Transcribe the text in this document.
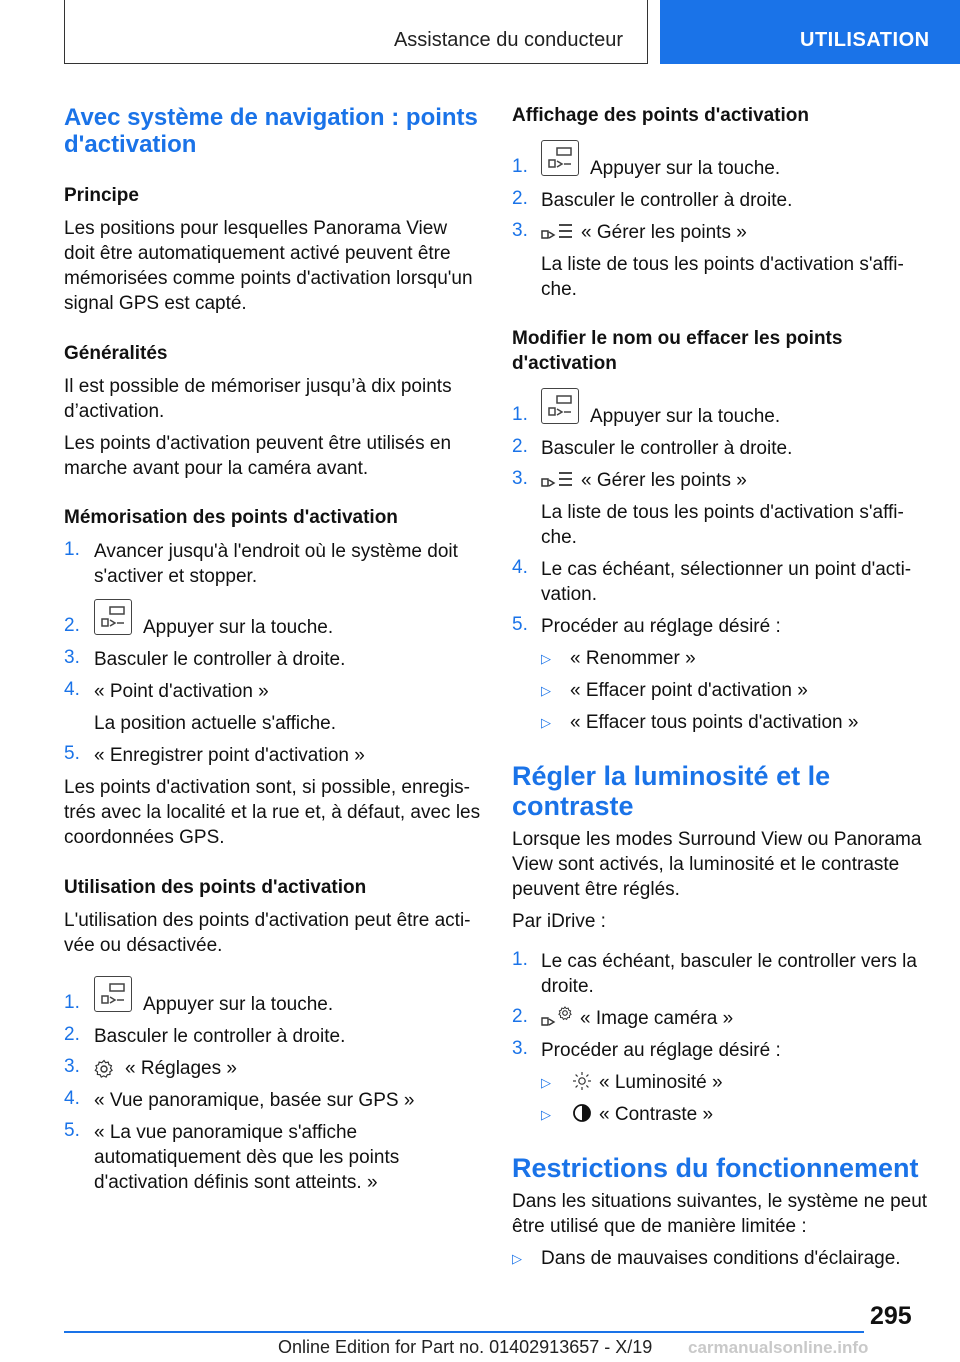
Assistance du conducteur	UTILISATION
Avec système de navigation : points
d'activation
Principe
Les positions pour lesquelles Panorama View
doit être automatiquement activé peuvent être
mémorisées comme points d'activation lorsqu'un
signal GPS est capté.
Généralités
Il est possible de mémoriser jusqu’à dix points
d’activation.
Les points d'activation peuvent être utilisés en
marche avant pour la caméra avant.
Mémorisation des points d'activation
1. Avancer jusqu'à l'endroit où le système doit
s'activer et stopper.
2.	Appuyer sur la touche.
3. Basculer le controller à droite.
4. « Point d'activation »
La position actuelle s'affiche.
5. « Enregistrer point d'activation »
Les points d'activation sont, si possible, enregis‐
trés avec la localité et la rue et, à défaut, avec les
coordonnées GPS.
Utilisation des points d'activation
L'utilisation des points d'activation peut être acti‐
vée ou désactivée.
1.	Appuyer sur la touche.
2. Basculer le controller à droite.
3. « Réglages »
4. « Vue panoramique, basée sur GPS »
5. « La vue panoramique s'affiche
automatiquement dès que les points
d'activation définis sont atteints. »
Affichage des points d'activation
1.	Appuyer sur la touche.
2. Basculer le controller à droite.
3.	« Gérer les points »
La liste de tous les points d'activation s'affi‐
che.
Modifier le nom ou effacer les points
d'activation
1.	Appuyer sur la touche.
2. Basculer le controller à droite.
3.	« Gérer les points »
La liste de tous les points d'activation s'affi‐
che.
4. Le cas échéant, sélectionner un point d'acti‐
vation.
5. Procéder au réglage désiré :
▷ « Renommer »
▷ « Effacer point d'activation »
▷ « Effacer tous points d'activation »
Régler la luminosité et le
contraste
Lorsque les modes Surround View ou Panorama
View sont activés, la luminosité et le contraste
peuvent être réglés.
Par iDrive :
1. Le cas échéant, basculer le controller vers la
droite.
2.	« Image caméra »
3. Procéder au réglage désiré :
▷	« Luminosité »
▷	« Contraste »
Restrictions du fonctionnement
Dans les situations suivantes, le système ne peut
être utilisé que de manière limitée :
▷ Dans de mauvaises conditions d'éclairage.
295
Online Edition for Part no. 01402913657 - X/19 carmanualsonline.info
